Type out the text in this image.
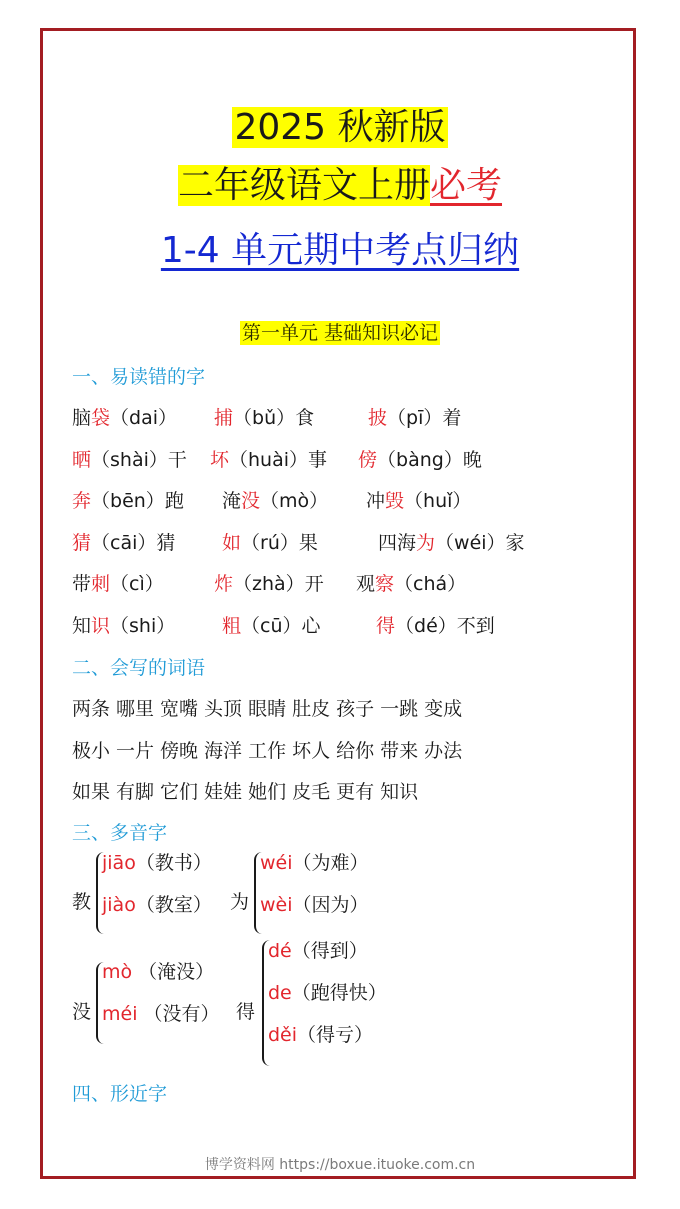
2025 秋新版
二年级语文上册必考
1-4 单元期中考点归纳
第一单元 基础知识必记
一、易读错的字
脑袋（dai） 捕（bǔ）食	披（pī）着
晒（shài）干 坏（huài）事 傍（bàng）晚
奔（bēn）跑 淹没（mò） 冲毁（huǐ）
猜（cāi）猜 如（rú）果	四海为（wéi）家
带刺（cì）	炸（zhà）开 观察（chá）
知识（shi） 粗（cū）心	得（dé）不到
二、会写的词语
两条 哪里 宽嘴 头顶 眼睛 肚皮 孩子 一跳 变成
极小 一片 傍晚 海洋 工作 坏人 给你 带来 办法
如果 有脚 它们 娃娃 她们 皮毛 更有 知识
三、多音字
教
jiāo（教书）
jiào（教室） 为
wéi（为难）
wèi（因为）
没
mò （淹没）
méi （没有） 得
dé（得到）
de（跑得快）
děi（得亏）
四、形近字
博学资料网 https://boxue.ituoke.com.cn
